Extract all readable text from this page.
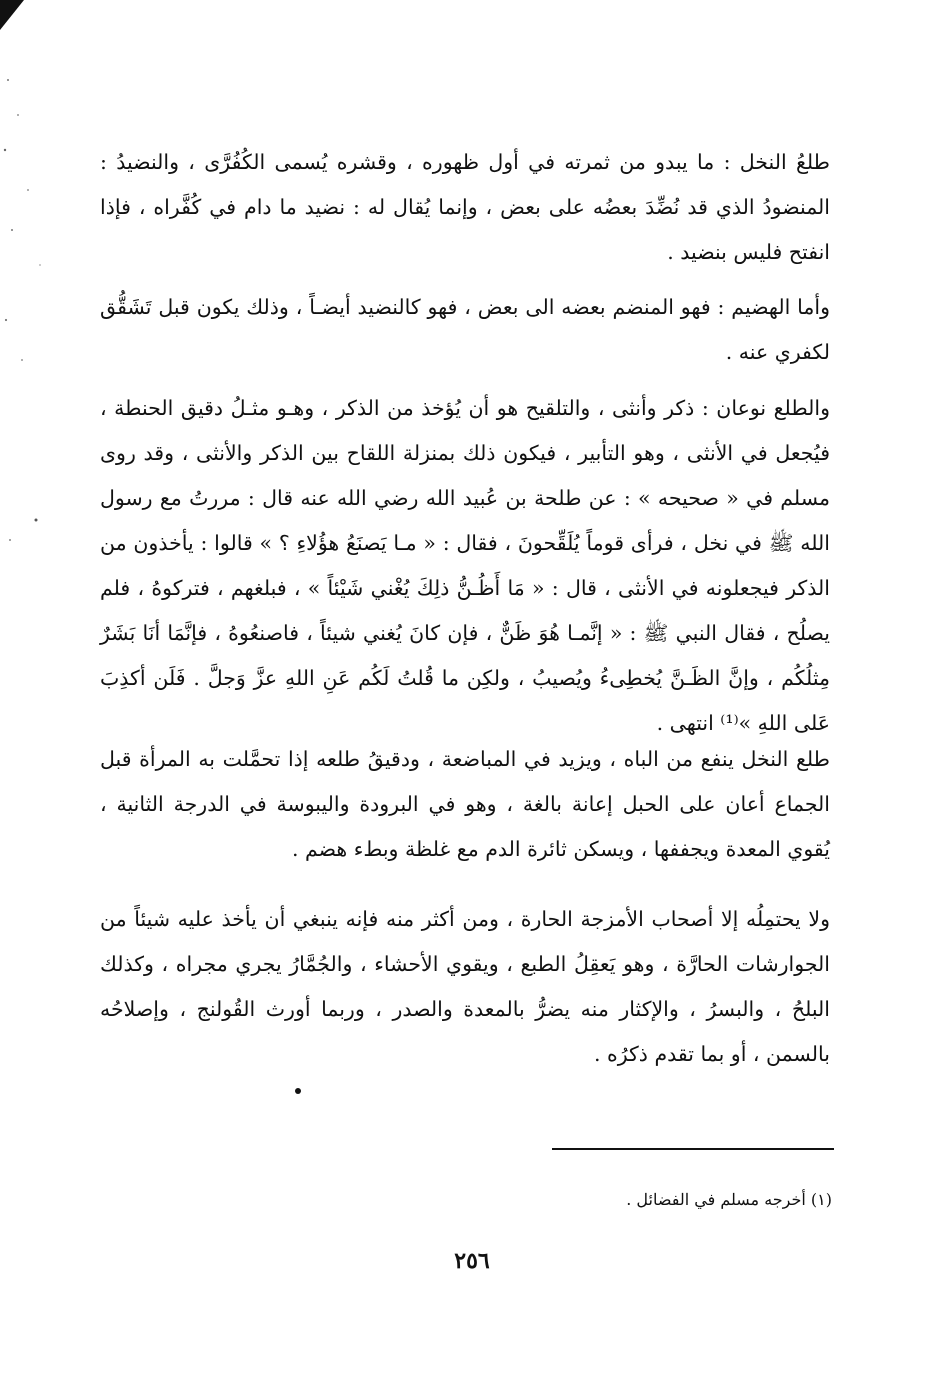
طلعُ النخل : ما يبدو من ثمرته في أول ظهوره ، وقشره يُسمى الكُفُرَّى ، والنضيدُ : المنضودُ الذي قد نُضِّدَ بعضُه على بعض ، وإنما يُقال له : نضيد ما دام في كُفَّراه ، فإذا انفتح فليس بنضيد .

وأما الهضيم : فهو المنضم بعضه الى بعض ، فهو كالنضيد أيضـاً ، وذلك يكون قبل تَشَقُّق لكفري عنه .

والطلع نوعان : ذكر وأنثى ، والتلقيح هو أن يُؤخذ من الذكر ، وهـو مثـلُ دقيق الحنطة ، فيُجعل في الأنثى ، وهو التأبير ، فيكون ذلك بمنزلة اللقاح بين الذكر والأنثى ، وقد روى مسلم في « صحيحه » : عن طلحة بن عُبيد الله رضي الله عنه قال : مررتُ مع رسول الله ﷺ في نخل ، فرأى قوماً يُلَقِّحونَ ، فقال : « مـا يَصنَعُ هؤُلاءِ ؟ » قالوا : يأخذون من الذكر فيجعلونه في الأنثى ، قال : « مَا أَظُـنُّ ذلِكَ يُغْني شَيْئاً » ، فبلغهم ، فتركوهُ ، فلم يصلُح ، فقال النبي ﷺ : « إنَّمـا هُوَ ظَنٌّ ، فإن كانَ يُغني شيئاً ، فاصنعُوهُ ، فإنَّمَا أنَا بَشَرٌ مِثلُكُم ، وإنَّ الظَـنَّ يُخطِىءُ ويُصيبُ ، ولكِن ما قُلتُ لَكُم عَنِ اللهِ عزَّ وَجلَّ . فَلَن أكذِبَ عَلى اللهِ »⁽¹⁾ انتهى .

طلع النخل ينفع من الباه ، ويزيد في المباضعة ، ودقيقُ طلعه إذا تحمَّلت به المرأة قبل الجماع أعان على الحبل إعانة بالغة ، وهو في البرودة واليبوسة في الدرجة الثانية ، يُقوي المعدة ويجففها ، ويسكن ثائرة الدم مع غلظة وبطء هضم .

ولا يحتمِلُه إلا أصحاب الأمزجة الحارة ، ومن أكثر منه فإنه ينبغي أن يأخذ عليه شيئاً من الجوارشات الحارَّة ، وهو يَعقِلُ الطبع ، ويقوي الأحشاء ، والجُمَّارُ يجري مجراه ، وكذلك البلحُ ، والبسرُ ، والإكثار منه يضرُّ بالمعدة والصدر ، وربما أورث القُولنج ، وإصلاحُه بالسمن ، أو بما تقدم ذكرُه .

(١) أخرجه مسلم في الفضائل .
٢٥٦
